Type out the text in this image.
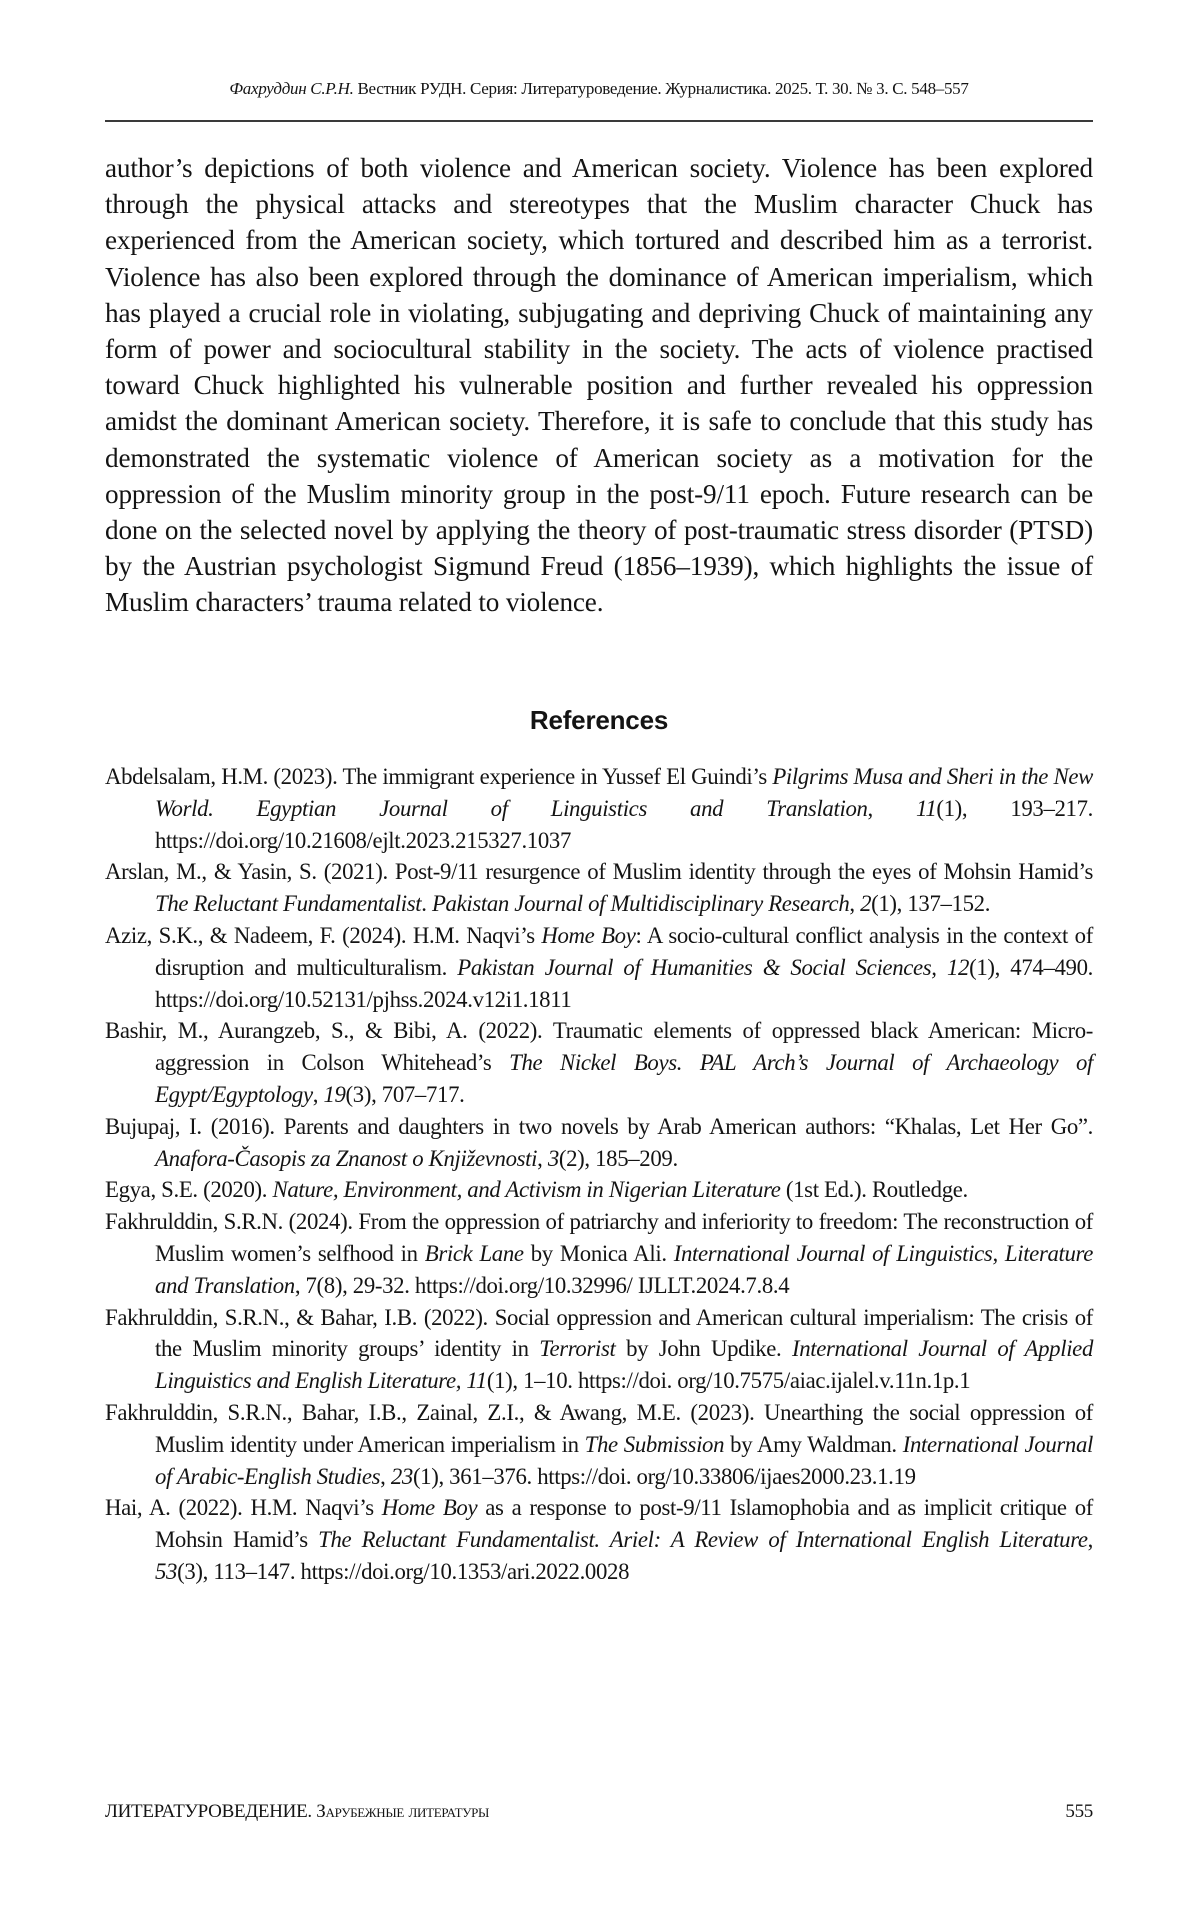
Фахруддин С.Р.Н. Вестник РУДН. Серия: Литературоведение. Журналистика. 2025. Т. 30. № 3. С. 548–557

author’s depictions of both violence and American society. Violence has been explored through the physical attacks and stereotypes that the Muslim character Chuck has experienced from the American society, which tortured and described him as a terrorist. Violence has also been explored through the dominance of American imperialism, which has played a crucial role in violating, subjugating and depriving Chuck of maintaining any form of power and sociocultural stability in the society. The acts of violence practised toward Chuck highlighted his vulnerable position and further revealed his oppression amidst the dominant American society. Therefore, it is safe to conclude that this study has demonstrated the systematic violence of American society as a motivation for the oppression of the Muslim minority group in the post-9/11 epoch. Future research can be done on the selected novel by applying the theory of post-traumatic stress disorder (PTSD) by the Austrian psychologist Sigmund Freud (1856–1939), which highlights the issue of Muslim characters’ trauma related to violence.

References
Abdelsalam, H.M. (2023). The immigrant experience in Yussef El Guindi’s Pilgrims Musa and Sheri in the New World. Egyptian Journal of Linguistics and Translation, 11(1), 193–217. https://doi.org/10.21608/ejlt.2023.215327.1037
Arslan, M., & Yasin, S. (2021). Post-9/11 resurgence of Muslim identity through the eyes of Mohsin Hamid’s The Reluctant Fundamentalist. Pakistan Journal of Multidisciplinary Research, 2(1), 137–152.
Aziz, S.K., & Nadeem, F. (2024). H.M. Naqvi’s Home Boy: A socio-cultural conflict analysis in the context of disruption and multiculturalism. Pakistan Journal of Humanities & Social Sciences, 12(1), 474–490. https://doi.org/10.52131/pjhss.2024.v12i1.1811
Bashir, M., Aurangzeb, S., & Bibi, A. (2022). Traumatic elements of oppressed black American: Micro-aggression in Colson Whitehead’s The Nickel Boys. PAL Arch’s Journal of Archaeology of Egypt/Egyptology, 19(3), 707–717.
Bujupaj, I. (2016). Parents and daughters in two novels by Arab American authors: “Khalas, Let Her Go”. Anafora-Časopis za Znanost o Književnosti, 3(2), 185–209.
Egya, S.E. (2020). Nature, Environment, and Activism in Nigerian Literature (1st Ed.). Routledge.
Fakhrulddin, S.R.N. (2024). From the oppression of patriarchy and inferiority to freedom: The reconstruction of Muslim women’s selfhood in Brick Lane by Monica Ali. International Journal of Linguistics, Literature and Translation, 7(8), 29-32. https://doi.org/10.32996/ IJLLT.2024.7.8.4
Fakhrulddin, S.R.N., & Bahar, I.B. (2022). Social oppression and American cultural imperialism: The crisis of the Muslim minority groups’ identity in Terrorist by John Updike. International Journal of Applied Linguistics and English Literature, 11(1), 1–10. https://doi. org/10.7575/aiac.ijalel.v.11n.1p.1
Fakhrulddin, S.R.N., Bahar, I.B., Zainal, Z.I., & Awang, M.E. (2023). Unearthing the social oppression of Muslim identity under American imperialism in The Submission by Amy Waldman. International Journal of Arabic-English Studies, 23(1), 361–376. https://doi. org/10.33806/ijaes2000.23.1.19
Hai, A. (2022). H.M. Naqvi’s Home Boy as a response to post-9/11 Islamophobia and as implicit critique of Mohsin Hamid’s The Reluctant Fundamentalist. Ariel: A Review of International English Literature, 53(3), 113–147. https://doi.org/10.1353/ari.2022.0028
ЛИТЕРАТУРОВЕДЕНИЕ. Зарубежные литературы	555
